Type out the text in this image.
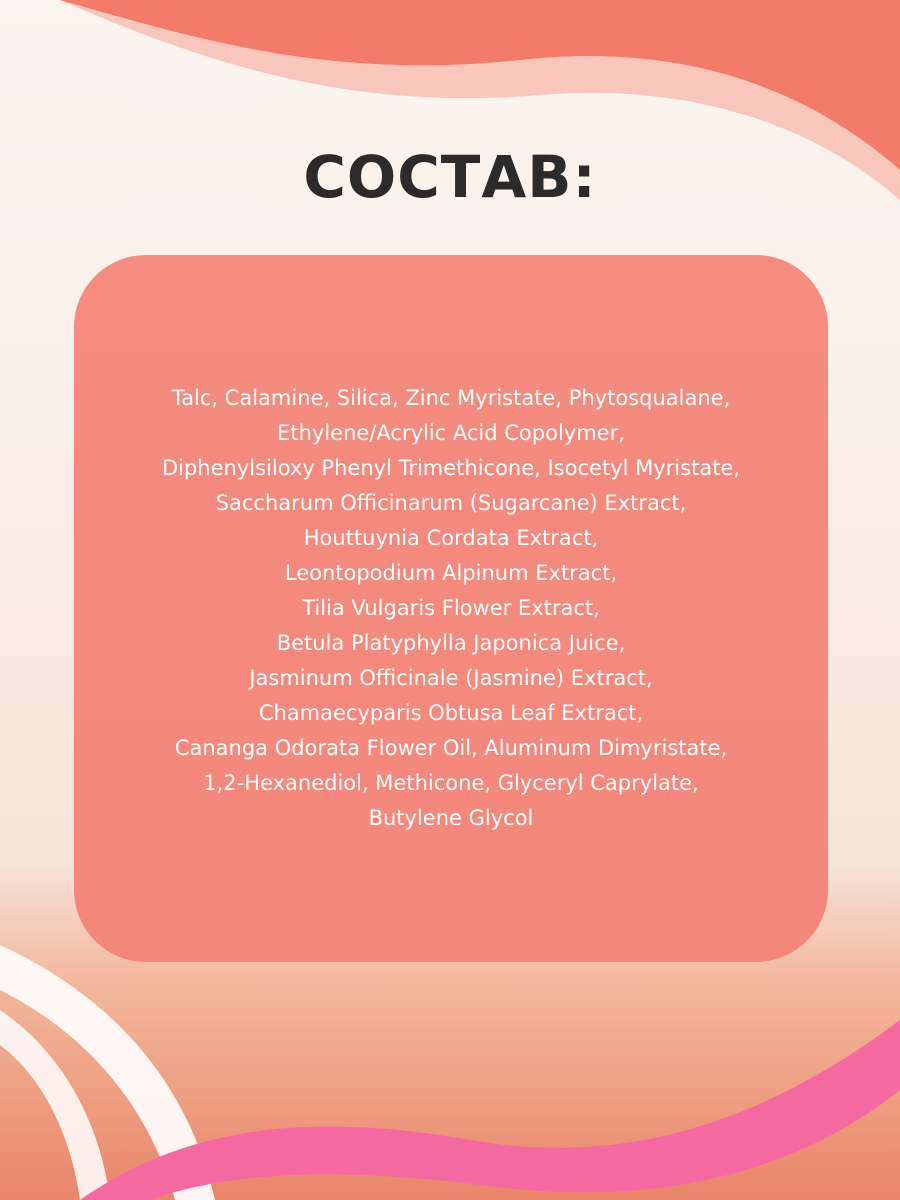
СОСТАВ:
Talc, Calamine, Silica, Zinc Myristate, Phytosqualane,
Ethylene/Acrylic Acid Copolymer,
Diphenylsiloxy Phenyl Trimethicone, Isocetyl Myristate,
Saccharum Officinarum (Sugarcane) Extract,
Houttuynia Cordata Extract,
Leontopodium Alpinum Extract,
Tilia Vulgaris Flower Extract,
Betula Platyphylla Japonica Juice,
Jasminum Officinale (Jasmine) Extract,
Chamaecyparis Obtusa Leaf Extract,
Cananga Odorata Flower Oil, Aluminum Dimyristate,
1,2-Hexanediol, Methicone, Glyceryl Caprylate,
Butylene Glycol
